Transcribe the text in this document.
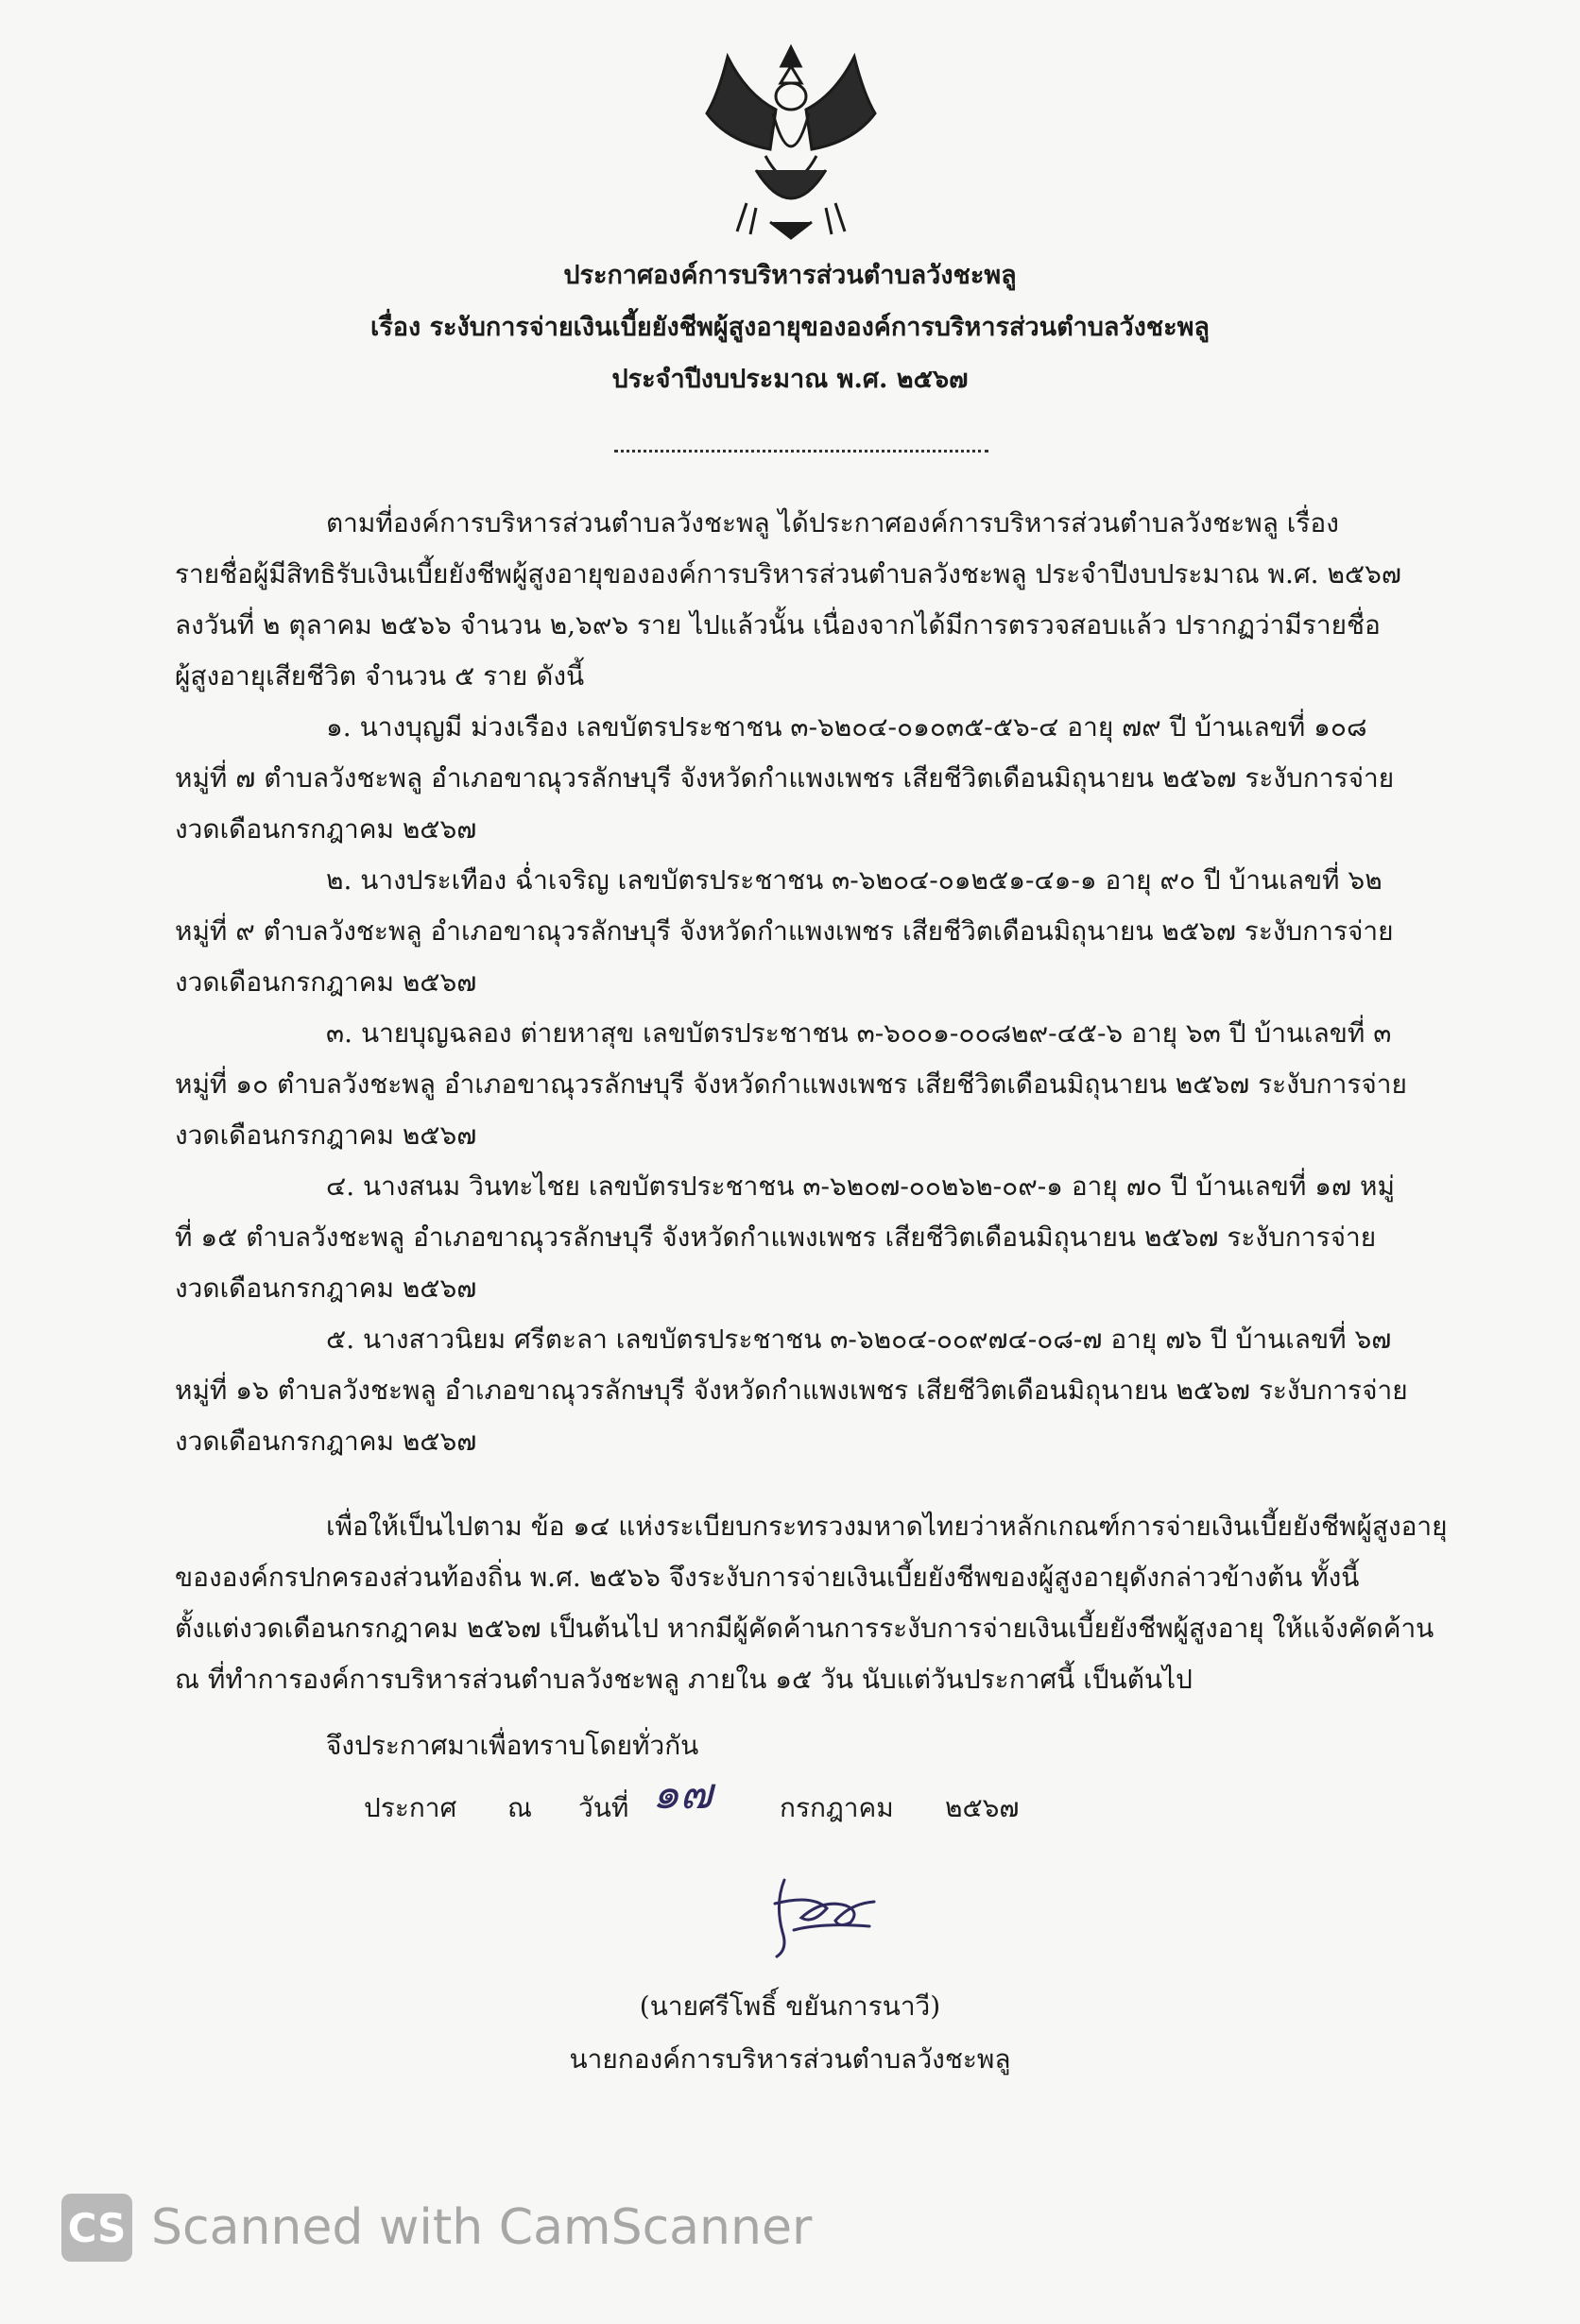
ประกาศองค์การบริหารส่วนตำบลวังชะพลู
เรื่อง ระงับการจ่ายเงินเบี้ยยังชีพผู้สูงอายุขององค์การบริหารส่วนตำบลวังชะพลู
ประจำปีงบประมาณ พ.ศ. ๒๕๖๗
ตามที่องค์การบริหารส่วนตำบลวังชะพลู ได้ประกาศองค์การบริหารส่วนตำบลวังชะพลู เรื่อง
รายชื่อผู้มีสิทธิรับเงินเบี้ยยังชีพผู้สูงอายุขององค์การบริหารส่วนตำบลวังชะพลู ประจำปีงบประมาณ พ.ศ. ๒๕๖๗
ลงวันที่ ๒ ตุลาคม ๒๕๖๖ จำนวน ๒,๖๙๖ ราย ไปแล้วนั้น เนื่องจากได้มีการตรวจสอบแล้ว ปรากฏว่ามีรายชื่อ
ผู้สูงอายุเสียชีวิต จำนวน ๕ ราย ดังนี้
๑. นางบุญมี ม่วงเรือง เลขบัตรประชาชน ๓-๖๒๐๔-๐๑๐๓๕-๕๖-๔ อายุ ๗๙ ปี บ้านเลขที่ ๑๐๘
หมู่ที่ ๗ ตำบลวังชะพลู อำเภอขาณุวรลักษบุรี จังหวัดกำแพงเพชร เสียชีวิตเดือนมิถุนายน ๒๕๖๗ ระงับการจ่าย
งวดเดือนกรกฎาคม ๒๕๖๗
๒. นางประเทือง ฉ่ำเจริญ เลขบัตรประชาชน ๓-๖๒๐๔-๐๑๒๕๑-๔๑-๑ อายุ ๙๐ ปี บ้านเลขที่ ๖๒
หมู่ที่ ๙ ตำบลวังชะพลู อำเภอขาณุวรลักษบุรี จังหวัดกำแพงเพชร เสียชีวิตเดือนมิถุนายน ๒๕๖๗ ระงับการจ่าย
งวดเดือนกรกฎาคม ๒๕๖๗
๓. นายบุญฉลอง ต่ายหาสุข เลขบัตรประชาชน ๓-๖๐๐๑-๐๐๘๒๙-๔๕-๖ อายุ ๖๓ ปี บ้านเลขที่ ๓
หมู่ที่ ๑๐ ตำบลวังชะพลู อำเภอขาณุวรลักษบุรี จังหวัดกำแพงเพชร เสียชีวิตเดือนมิถุนายน ๒๕๖๗ ระงับการจ่าย
งวดเดือนกรกฎาคม ๒๕๖๗
๔. นางสนม วินทะไชย เลขบัตรประชาชน ๓-๖๒๐๗-๐๐๒๖๒-๐๙-๑ อายุ ๗๐ ปี บ้านเลขที่ ๑๗ หมู่
ที่ ๑๕ ตำบลวังชะพลู อำเภอขาณุวรลักษบุรี จังหวัดกำแพงเพชร เสียชีวิตเดือนมิถุนายน ๒๕๖๗ ระงับการจ่าย
งวดเดือนกรกฎาคม ๒๕๖๗
๕. นางสาวนิยม ศรีตะลา เลขบัตรประชาชน ๓-๖๒๐๔-๐๐๙๗๔-๐๘-๗ อายุ ๗๖ ปี บ้านเลขที่ ๖๗
หมู่ที่ ๑๖ ตำบลวังชะพลู อำเภอขาณุวรลักษบุรี จังหวัดกำแพงเพชร เสียชีวิตเดือนมิถุนายน ๒๕๖๗ ระงับการจ่าย
งวดเดือนกรกฎาคม ๒๕๖๗
เพื่อให้เป็นไปตาม ข้อ ๑๔ แห่งระเบียบกระทรวงมหาดไทยว่าหลักเกณฑ์การจ่ายเงินเบี้ยยังชีพผู้สูงอายุ
ขององค์กรปกครองส่วนท้องถิ่น พ.ศ. ๒๕๖๖ จึงระงับการจ่ายเงินเบี้ยยังชีพของผู้สูงอายุดังกล่าวข้างต้น ทั้งนี้
ตั้งแต่งวดเดือนกรกฎาคม ๒๕๖๗ เป็นต้นไป หากมีผู้คัดค้านการระงับการจ่ายเงินเบี้ยยังชีพผู้สูงอายุ ให้แจ้งคัดค้าน
ณ ที่ทำการองค์การบริหารส่วนตำบลวังชะพลู ภายใน ๑๕ วัน นับแต่วันประกาศนี้ เป็นต้นไป
จึงประกาศมาเพื่อทราบโดยทั่วกัน
ประกาศ ณ วันที่ ๑๗	กรกฎาคม ๒๕๖๗
(นายศรีโพธิ์ ขยันการนาวี)
นายกองค์การบริหารส่วนตำบลวังชะพลู
CS Scanned with CamScanner
